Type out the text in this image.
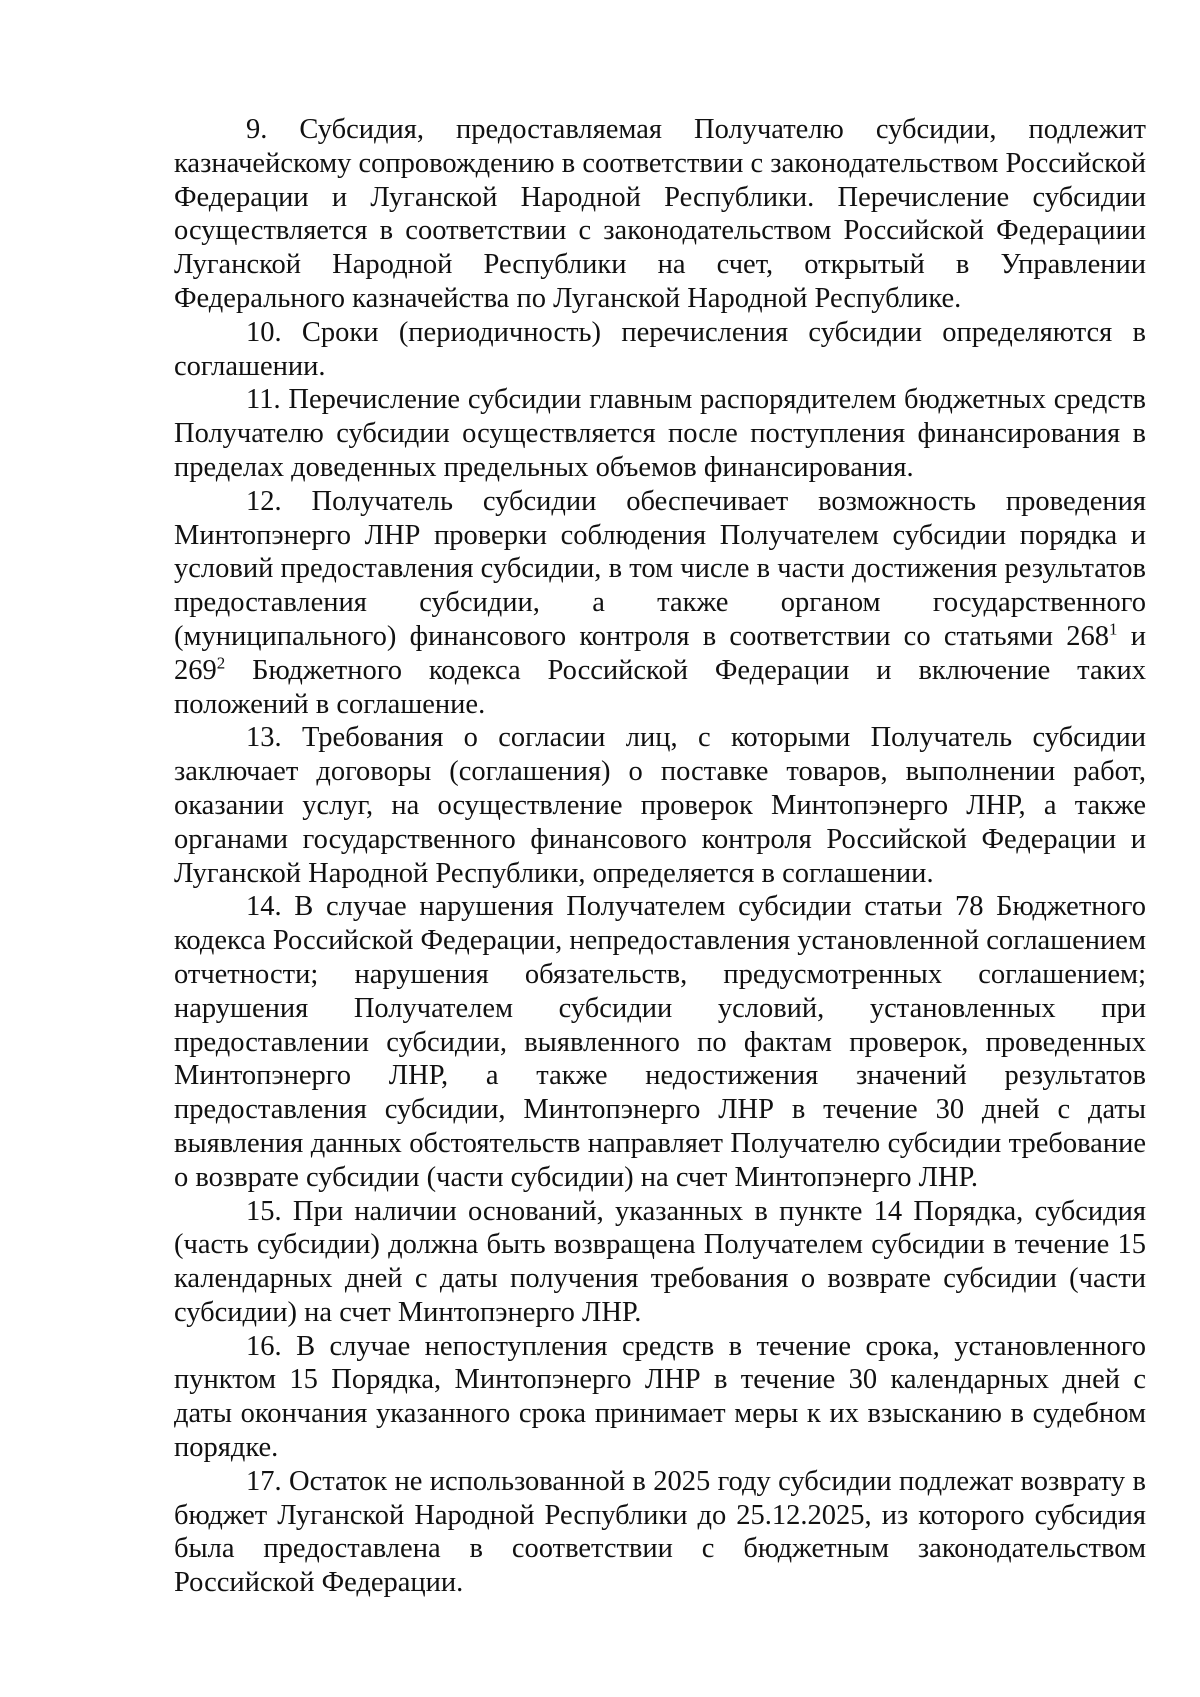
9. Субсидия, предоставляемая Получателю субсидии, подлежит казначейскому сопровождению в соответствии с законодательством Российской Федерации и Луганской Народной Республики. Перечисление субсидии осуществляется в соответствии с законодательством Российской Федерациии Луганской Народной Республики на счет, открытый в Управлении Федерального казначейства по Луганской Народной Республике.

10. Сроки (периодичность) перечисления субсидии определяются в соглашении.

11. Перечисление субсидии главным распорядителем бюджетных средств Получателю субсидии осуществляется после поступления финансирования в пределах доведенных предельных объемов финансирования.

12. Получатель субсидии обеспечивает возможность проведения Минтопэнерго ЛНР проверки соблюдения Получателем субсидии порядка и условий предоставления субсидии, в том числе в части достижения результатов предоставления субсидии, а также органом государственного (муниципального) финансового контроля в соответствии со статьями $268^1$ и $269^2$ Бюджетного кодекса Российской Федерации и включение таких положений в соглашение.

13. Требования о согласии лиц, с которыми Получатель субсидии заключает договоры (соглашения) о поставке товаров, выполнении работ, оказании услуг, на осуществление проверок Минтопэнерго ЛНР, а также органами государственного финансового контроля Российской Федерации и Луганской Народной Республики, определяется в соглашении.

14. В случае нарушения Получателем субсидии статьи 78 Бюджетного кодекса Российской Федерации, непредоставления установленной соглашением отчетности; нарушения обязательств, предусмотренных соглашением; нарушения Получателем субсидии условий, установленных при предоставлении субсидии, выявленного по фактам проверок, проведенных Минтопэнерго ЛНР, а также недостижения значений результатов предоставления субсидии, Минтопэнерго ЛНР в течение 30 дней с даты выявления данных обстоятельств направляет Получателю субсидии требование о возврате субсидии (части субсидии) на счет Минтопэнерго ЛНР.

15. При наличии оснований, указанных в пункте 14 Порядка, субсидия (часть субсидии) должна быть возвращена Получателем субсидии в течение 15 календарных дней с даты получения требования о возврате субсидии (части субсидии) на счет Минтопэнерго ЛНР.

16. В случае непоступления средств в течение срока, установленного пунктом 15 Порядка, Минтопэнерго ЛНР в течение 30 календарных дней с даты окончания указанного срока принимает меры к их взысканию в судебном порядке.

17. Остаток не использованной в 2025 году субсидии подлежат возврату в бюджет Луганской Народной Республики до 25.12.2025, из которого субсидия была предоставлена в соответствии с бюджетным законодательством Российской Федерации.
